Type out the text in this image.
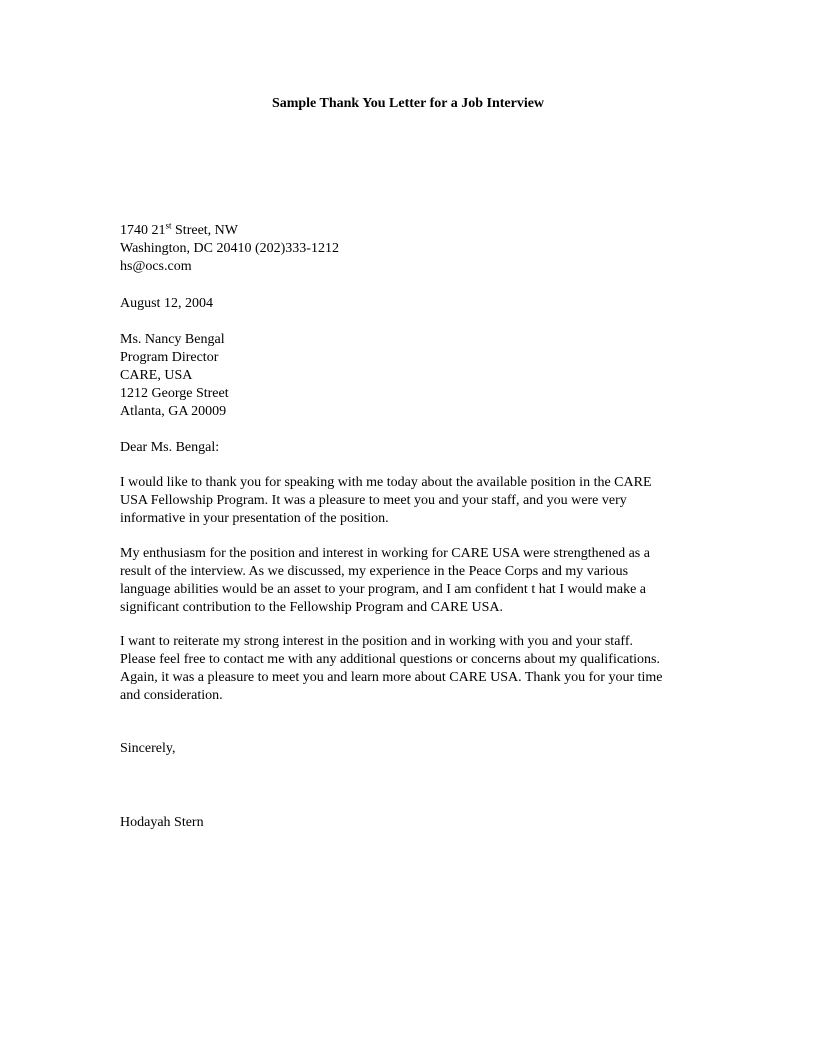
Sample Thank You Letter for a Job Interview
1740 21st Street, NW
Washington, DC 20410 (202)333-1212
hs@ocs.com
August 12, 2004
Ms. Nancy Bengal
Program Director
CARE, USA
1212 George Street
Atlanta, GA 20009
Dear Ms. Bengal:
I would like to thank you for speaking with me today about the available position in the CARE
USA Fellowship Program. It was a pleasure to meet you and your staff, and you were very
informative in your presentation of the position.
My enthusiasm for the position and interest in working for CARE USA were strengthened as a
result of the interview. As we discussed, my experience in the Peace Corps and my various
language abilities would be an asset to your program, and I am confident t hat I would make a
significant contribution to the Fellowship Program and CARE USA.
I want to reiterate my strong interest in the position and in working with you and your staff.
Please feel free to contact me with any additional questions or concerns about my qualifications.
Again, it was a pleasure to meet you and learn more about CARE USA. Thank you for your time
and consideration.
Sincerely,
Hodayah Stern
